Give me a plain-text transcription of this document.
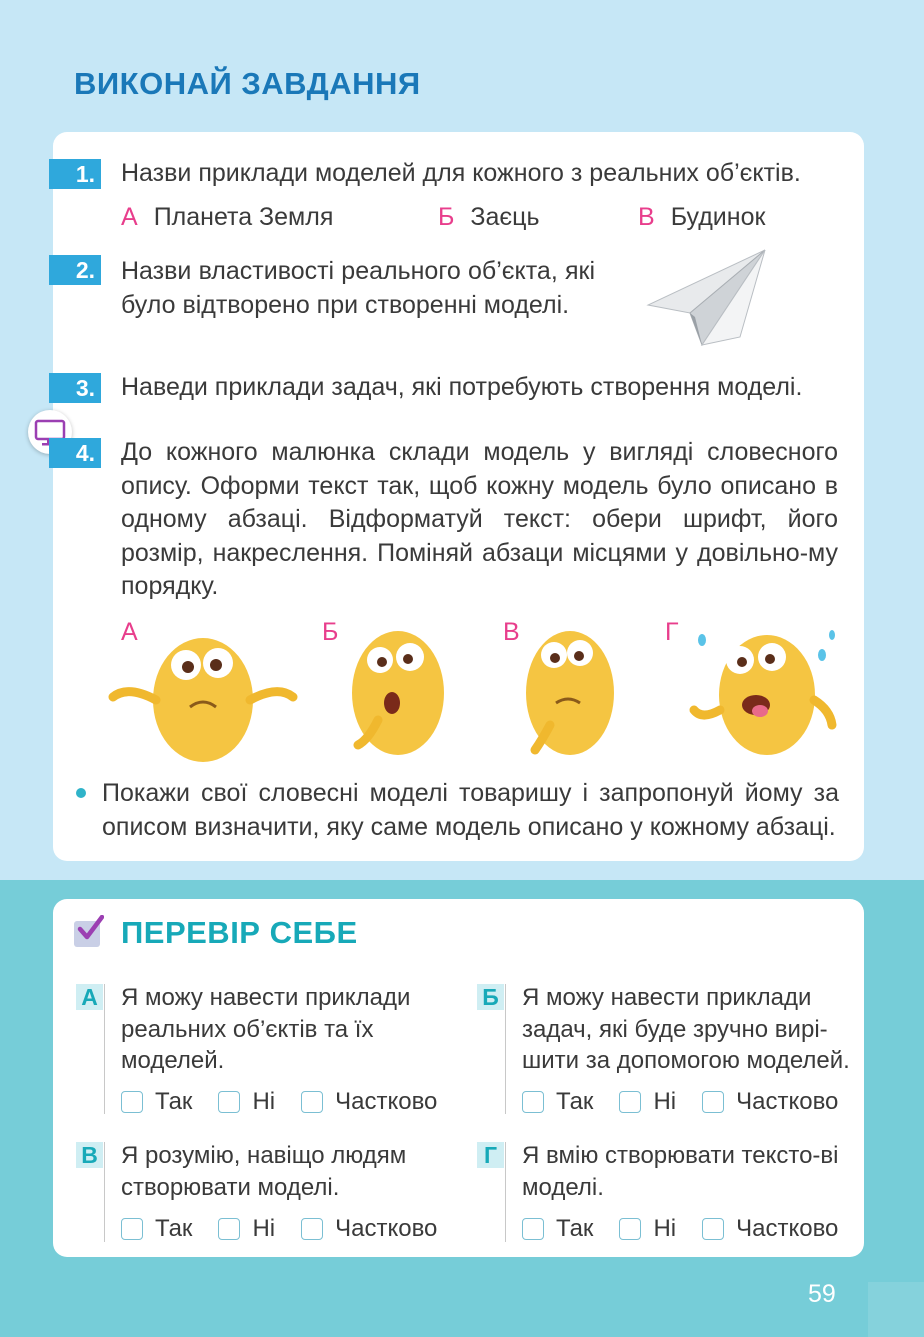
ВИКОНАЙ ЗАВДАННЯ
1. Назви приклади моделей для кожного з реальних об’єктів.

А Планета Земля	Б Заєць	В Будинок
2. Назви властивості реального об’єкта, які було відтворено при створенні моделі.

3. Наведи приклади задач, які потребують створення моделі.

4. До кожного малюнка склади модель у вигляді словесного опису. Оформи текст так, щоб кожну модель було описано в одному абзаці. Відформатуй текст: обери шрифт, його розмір, накреслення. Поміняй абзаци місцями у довільно-му порядку.

А	Б	В	Г

Покажи свої словесні моделі товаришу і запропонуй йому за описом визначити, яку саме модель описано у кожному абзаці.

ПЕРЕВІР СЕБЕ
А Я можу навести приклади реальних об’єктів та їх моделей.

Так	Ні	Частково
Б Я можу навести приклади задач, які буде зручно вирі-шити за допомогою моделей.

Так	Ні	Частково
В Я розумію, навіщо людям створювати моделі.

Так	Ні	Частково
Г Я вмію створювати тексто-ві моделі.

Так	Ні	Частково
59
